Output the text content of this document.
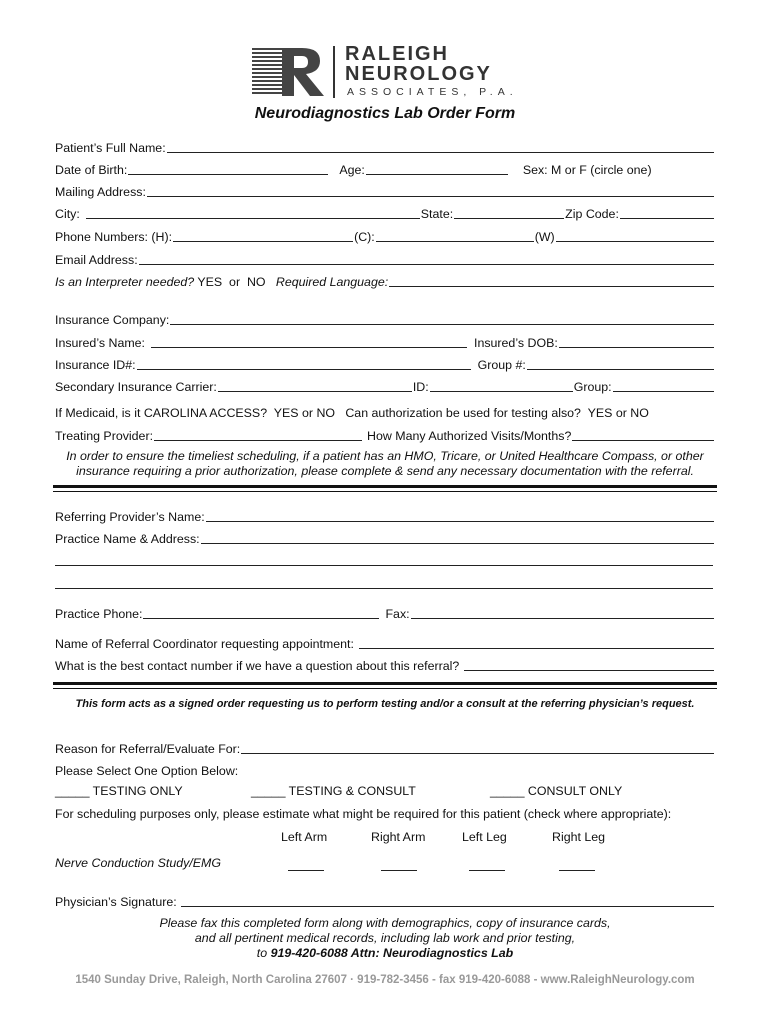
RALEIGH
NEUROLOGY
ASSOCIATES, P.A.
Neurodiagnostics Lab Order Form
Patient’s Full Name:
Date of Birth:	Age:	Sex: M or F (circle one)
Mailing Address:
City:	State:	Zip Code:
Phone Numbers: (H):	(C):	(W)
Email Address:
Is an Interpreter needed? YES  or  NO Required Language:
Insurance Company:
Insured’s Name:	Insured’s DOB:
Insurance ID#:	Group #:
Secondary Insurance Carrier:	ID:	Group:
If Medicaid, is it CAROLINA ACCESS?  YES or NO   Can authorization be used for testing also?  YES or NO
Treating Provider:	How Many Authorized Visits/Months?
In order to ensure the timeliest scheduling, if a patient has an HMO, Tricare, or United Healthcare Compass, or other
insurance requiring a prior authorization, please complete & send any necessary documentation with the referral.
Referring Provider’s Name:
Practice Name & Address:
Practice Phone:	Fax:
Name of Referral Coordinator requesting appointment:
What is the best contact number if we have a question about this referral?
This form acts as a signed order requesting us to perform testing and/or a consult at the referring physician’s request.
Reason for Referral/Evaluate For:
Please Select One Option Below:
_____ TESTING ONLY	_____ TESTING & CONSULT	_____ CONSULT ONLY
For scheduling purposes only, please estimate what might be required for this patient (check where appropriate):
Left Arm	Right Arm	Left Leg	Right Leg
Nerve Conduction Study/EMG
Physician’s Signature:
Please fax this completed form along with demographics, copy of insurance cards,
and all pertinent medical records, including lab work and prior testing,
to 919-420-6088 Attn: Neurodiagnostics Lab
1540 Sunday Drive, Raleigh, North Carolina 27607 · 919-782-3456 - fax 919-420-6088 - www.RaleighNeurology.com
